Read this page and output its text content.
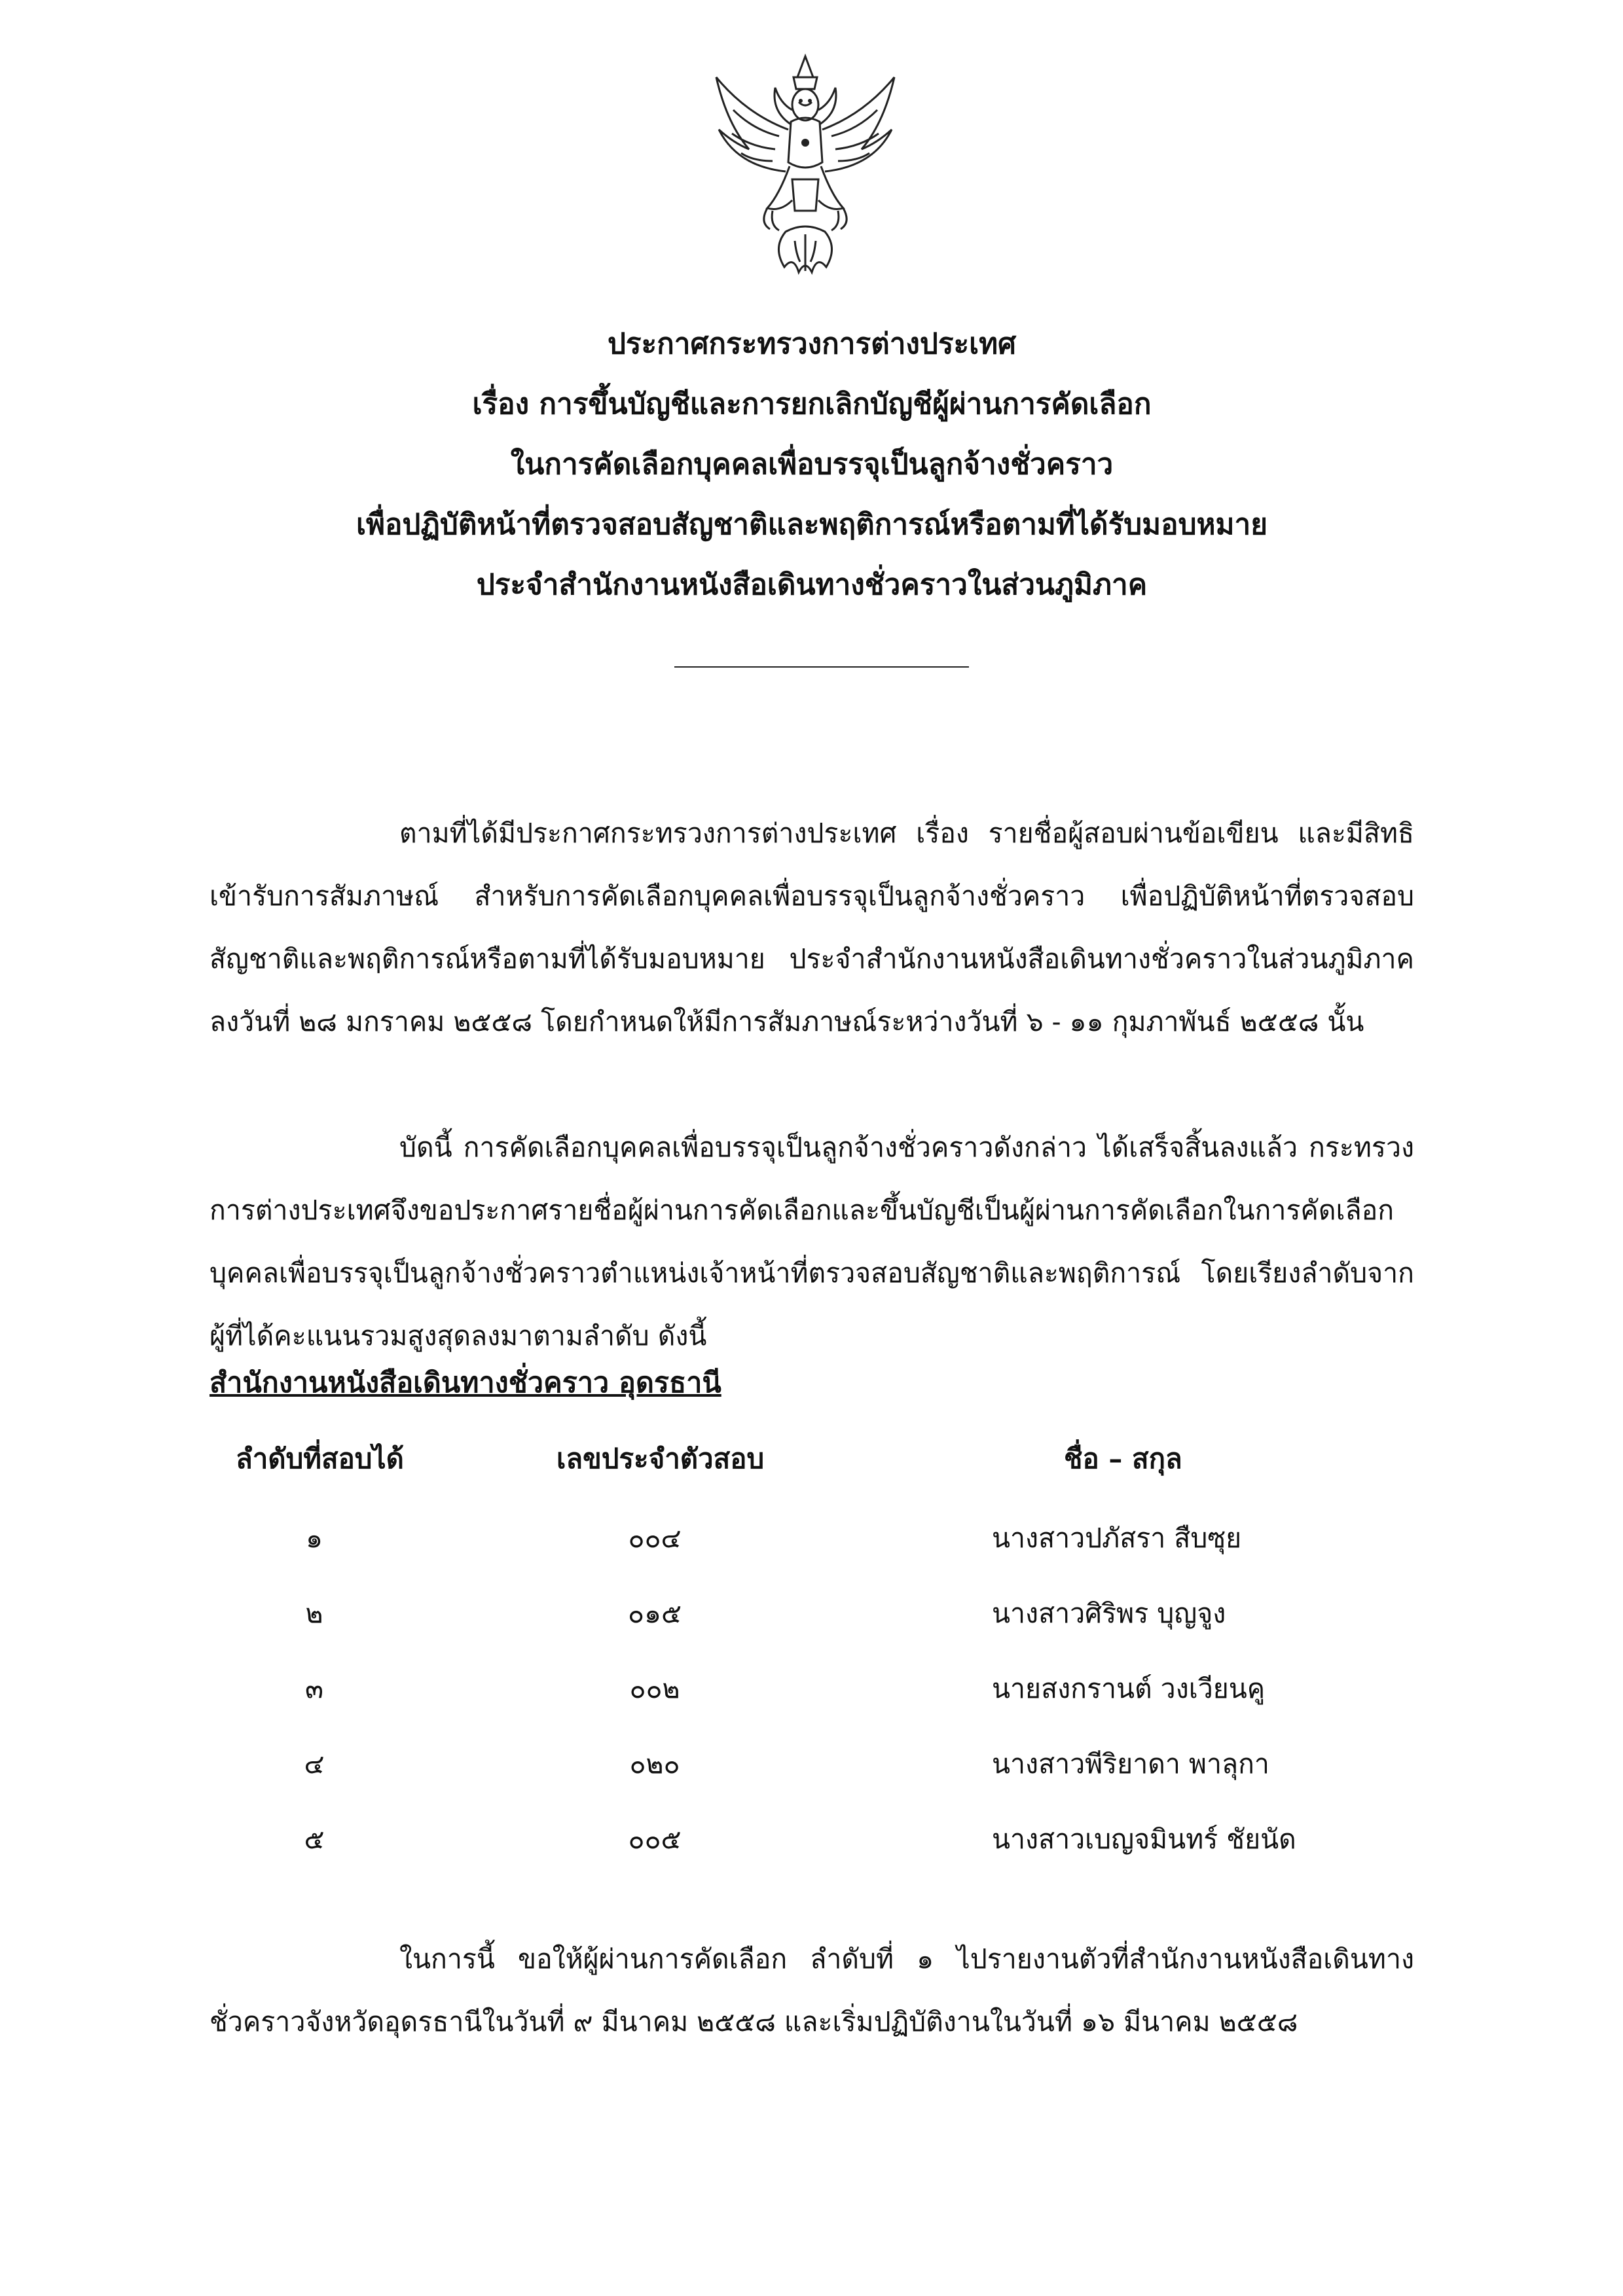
ประกาศกระทรวงการต่างประเทศ
เรื่อง การขึ้นบัญชีและการยกเลิกบัญชีผู้ผ่านการคัดเลือก
ในการคัดเลือกบุคคลเพื่อบรรจุเป็นลูกจ้างชั่วคราว
เพื่อปฏิบัติหน้าที่ตรวจสอบสัญชาติและพฤติการณ์หรือตามที่ได้รับมอบหมาย
ประจำสำนักงานหนังสือเดินทางชั่วคราวในส่วนภูมิภาค
ตามที่ได้มีประกาศกระทรวงการต่างประเทศ เรื่อง รายชื่อผู้สอบผ่านข้อเขียน และมีสิทธิเข้ารับการสัมภาษณ์ สำหรับการคัดเลือกบุคคลเพื่อบรรจุเป็นลูกจ้างชั่วคราว เพื่อปฏิบัติหน้าที่ตรวจสอบสัญชาติและพฤติการณ์หรือตามที่ได้รับมอบหมาย ประจำสำนักงานหนังสือเดินทางชั่วคราวในส่วนภูมิภาค ลงวันที่ ๒๘ มกราคม ๒๕๕๘ โดยกำหนดให้มีการสัมภาษณ์ระหว่างวันที่ ๖ - ๑๑ กุมภาพันธ์ ๒๕๕๘ นั้น
บัดนี้ การคัดเลือกบุคคลเพื่อบรรจุเป็นลูกจ้างชั่วคราวดังกล่าว ได้เสร็จสิ้นลงแล้ว กระทรวงการต่างประเทศจึงขอประกาศรายชื่อผู้ผ่านการคัดเลือกและขึ้นบัญชีเป็นผู้ผ่านการคัดเลือกในการคัดเลือกบุคคลเพื่อบรรจุเป็นลูกจ้างชั่วคราวตำแหน่งเจ้าหน้าที่ตรวจสอบสัญชาติและพฤติการณ์ โดยเรียงลำดับจากผู้ที่ได้คะแนนรวมสูงสุดลงมาตามลำดับ ดังนี้
สำนักงานหนังสือเดินทางชั่วคราว อุดรธานี
ลำดับที่สอบได้	เลขประจำตัวสอบ	ชื่อ – สกุล
๑	๐๐๔	นางสาวปภัสรา สืบซุย
๒	๐๑๕	นางสาวศิริพร บุญจูง
๓	๐๐๒	นายสงกรานต์ วงเวียนคู
๔	๐๒๐	นางสาวพีริยาดา พาลุกา
๕	๐๐๕	นางสาวเบญจมินทร์ ชัยนัด
ในการนี้ ขอให้ผู้ผ่านการคัดเลือก ลำดับที่ ๑ ไปรายงานตัวที่สำนักงานหนังสือเดินทางชั่วคราวจังหวัดอุดรธานีในวันที่ ๙ มีนาคม ๒๕๕๘ และเริ่มปฏิบัติงานในวันที่ ๑๖ มีนาคม ๒๕๕๘
